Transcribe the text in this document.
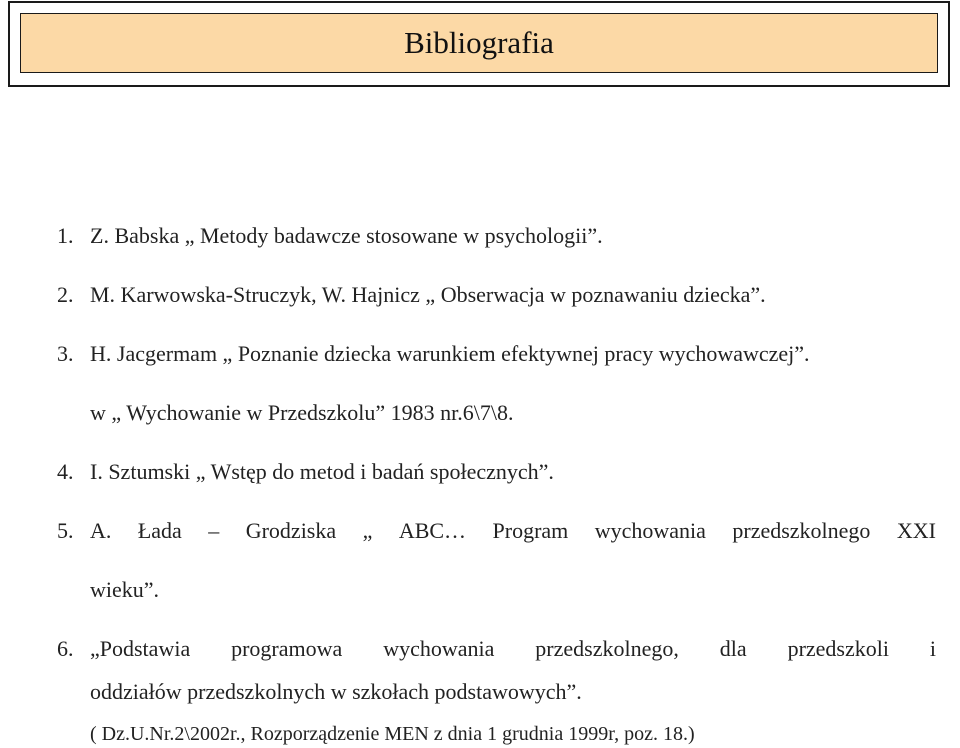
Bibliografia
1. Z. Babska „ Metody badawcze stosowane w psychologii”.
2. M. Karwowska-Struczyk, W. Hajnicz „ Obserwacja w poznawaniu dziecka”.
3. H. Jacgermam „ Poznanie dziecka warunkiem efektywnej pracy wychowawczej”.
w „ Wychowanie w Przedszkolu” 1983 nr.6\7\8.
4. I. Sztumski „ Wstęp do metod i badań społecznych”.
5. A. Łada – Grodziska „ ABC… Program wychowania przedszkolnego XXI
wieku”.
6. „Podstawia programowa wychowania przedszkolnego, dla przedszkoli i
oddziałów przedszkolnych w szkołach podstawowych”.
( Dz.U.Nr.2\2002r., Rozporządzenie MEN z dnia 1 grudnia 1999r, poz. 18.)
